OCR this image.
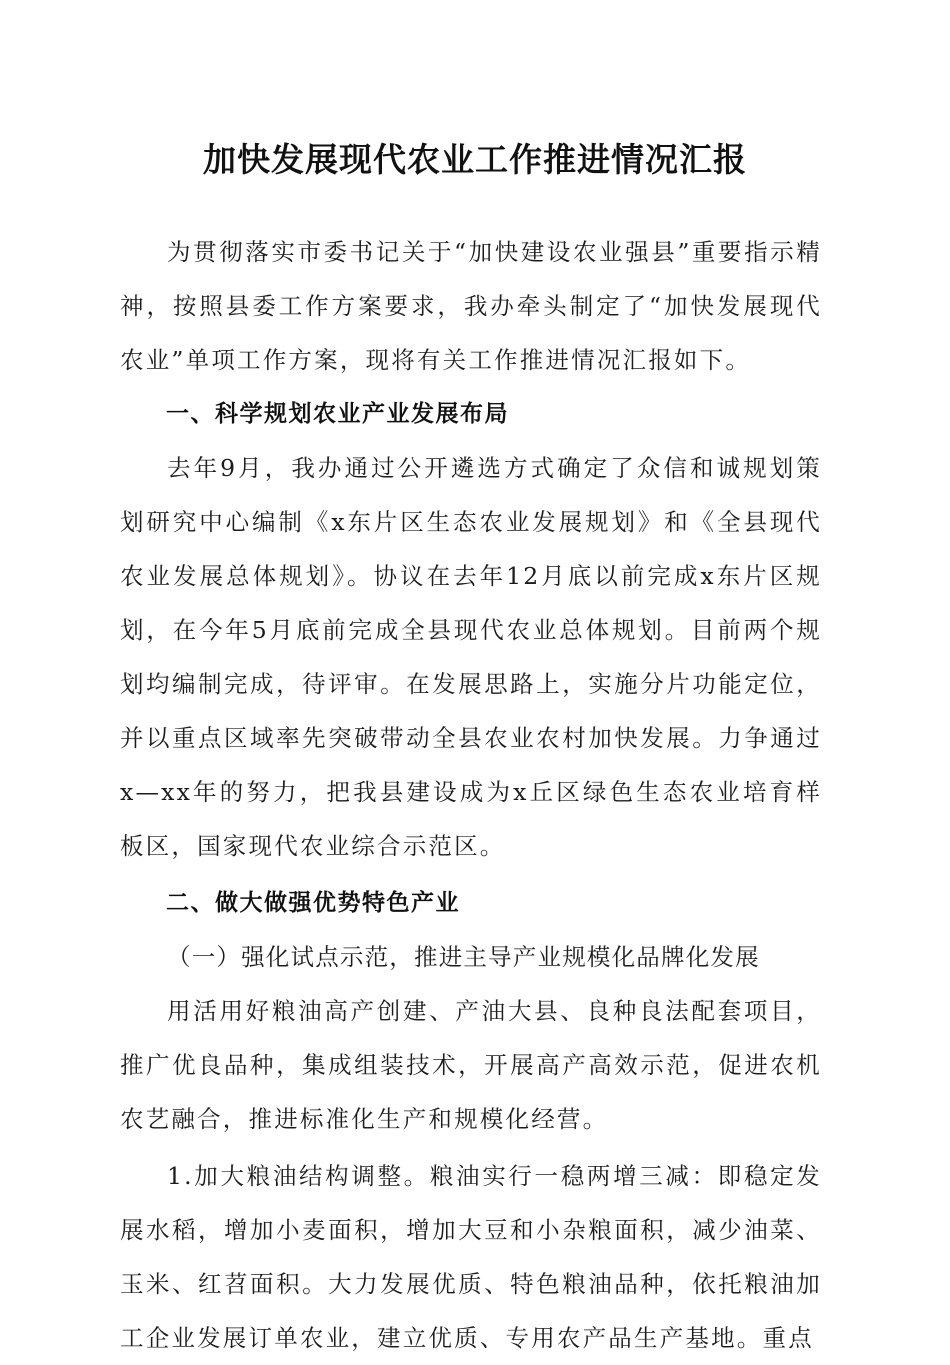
加快发展现代农业工作推进情况汇报

为贯彻落实市委书记关于“加快建设农业强县”重要指示精神，按照县委工作方案要求，我办牵头制定了“加快发展现代农业”单项工作方案，现将有关工作推进情况汇报如下。

一、科学规划农业产业发展布局

去年9月，我办通过公开遴选方式确定了众信和诚规划策划研究中心编制《x东片区生态农业发展规划》和《全县现代农业发展总体规划》。协议在去年12月底以前完成x东片区规划，在今年5月底前完成全县现代农业总体规划。目前两个规划均编制完成，待评审。在发展思路上，实施分片功能定位，并以重点区域率先突破带动全县农业农村加快发展。力争通过x—xx年的努力，把我县建设成为x丘区绿色生态农业培育样板区，国家现代农业综合示范区。

二、做大做强优势特色产业

（一）强化试点示范，推进主导产业规模化品牌化发展

用活用好粮油高产创建、产油大县、良种良法配套项目，推广优良品种，集成组装技术，开展高产高效示范，促进农机农艺融合，推进标准化生产和规模化经营。

1.加大粮油结构调整。粮油实行一稳两增三减：即稳定发展水稻，增加小麦面积，增加大豆和小杂粮面积，减少油菜、玉米、红苕面积。大力发展优质、特色粮油品种，依托粮油加工企业发展订单农业，建立优质、专用农产品生产基地。重点
